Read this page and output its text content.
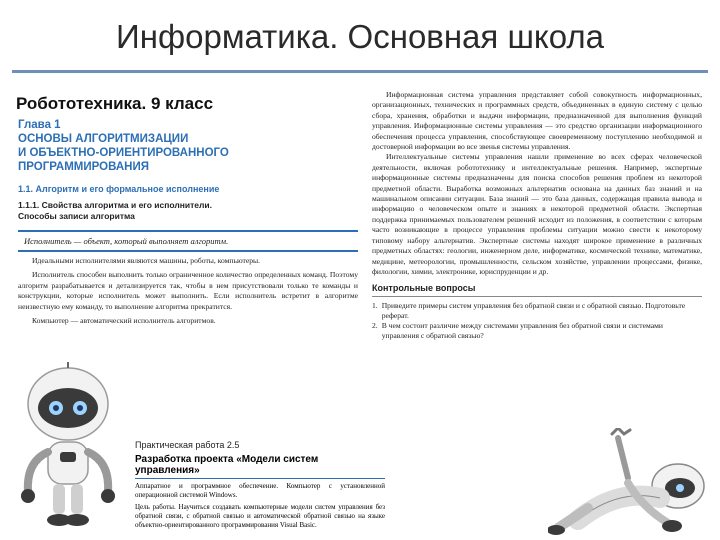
Информатика. Основная школа
Робототехника. 9 класс
Глава 1
ОСНОВЫ АЛГОРИТМИЗАЦИИ
И ОБЪЕКТНО-ОРИЕНТИРОВАННОГО
ПРОГРАММИРОВАНИЯ
1.1. Алгоритм и его формальное исполнение
1.1.1. Свойства алгоритма и его исполнители.
Способы записи алгоритма
Исполнитель — объект, который выполняет алгоритм.
Идеальными исполнителями являются машины, роботы, компьютеры.
Исполнитель способен выполнить только ограниченное количество определенных команд. Поэтому алгоритм разрабатывается и детализируется так, чтобы в нем присутствовали только те команды и конструкции, которые исполнитель может выполнить. Если исполнитель встретит в алгоритме неизвестную ему команду, то выполнение алгоритма прекратится.
Компьютер — автоматический исполнитель алгоритмов.

Информационная система управления представляет собой совокупность информационных, организационных, технических и программных средств, объединенных в единую систему с целью сбора, хранения, обработки и выдачи информации, предназначенной для выполнения функций управления. Информационные системы управления — это средство организации информационного обеспечения процесса управления, способствующее своевременному поступлению необходимой и достоверной информации во все звенья системы управления.

Интеллектуальные системы управления нашли применение во всех сферах человеческой деятельности, включая робототехнику и интеллектуальные решения. Например, экспертные информационные системы предназначены для поиска способов решения проблем из некоторой предметной области. Выработка возможных альтернатив основана на данных баз знаний и на машинальном описании ситуации. База знаний — это база данных, содержащая правила вывода и информацию о человеческом опыте и знаниях в некоторой предметной области. Экспертная поддержка принимаемых пользователем решений исходит из положения, в соответствии с которым часто возникающие в процессе управления проблемы ситуации можно свести к некоторому типовому набору альтернатив. Экспертные системы находят широкое применение в различных предметных областях: геологии, инженерном деле, информатике, космической технике, математике, медицине, метеорологии, промышленности, сельском хозяйстве, управлении процессами, физике, филологии, химии, электронике, юриспруденции и др.

Контрольные вопросы
1. Приведите примеры систем управления без обратной связи и с обратной связью. Подготовьте реферат.
2. В чем состоит различие между системами управления без обратной связи и системами управления с обратной связью?
Практическая работа 2.5
Разработка проекта «Модели систем управления»
Аппаратное и программное обеспечение. Компьютер с установленной операционной системой Windows.
Цель работы. Научиться создавать компьютерные модели систем управления без обратной связи, с обратной связью и автоматической обратной связью на языке объектно-ориентированного программирования Visual Basic.
